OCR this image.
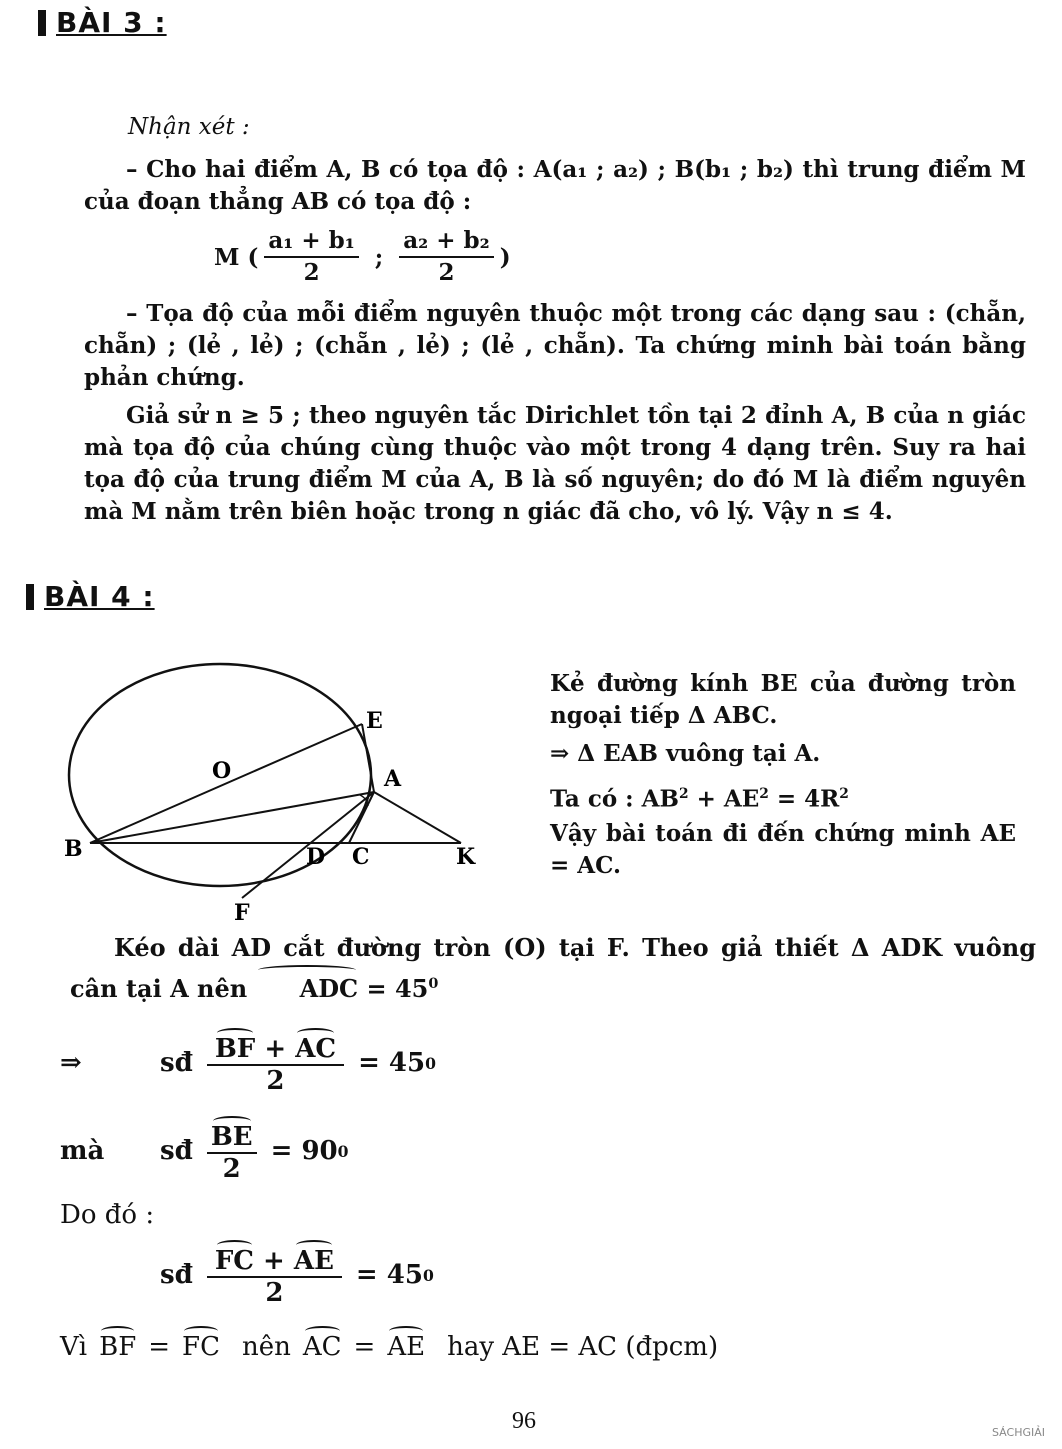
BÀI 3 :
Nhận xét :
– Cho hai điểm A, B có tọa độ : A(a₁ ; a₂) ; B(b₁ ; b₂) thì trung điểm M của đoạn thẳng AB có tọa độ :
M ( $\frac{\text{a₁ + b₁}}{2}$ ; $\frac{\text{a₂ + b₂}}{2}$ )
– Tọa độ của mỗi điểm nguyên thuộc một trong các dạng sau : (chẵn, chẵn) ; (lẻ , lẻ) ; (chẵn , lẻ) ; (lẻ , chẵn). Ta chứng minh bài toán bằng phản chứng.
Giả sử n ≥ 5 ; theo nguyên tắc Dirichlet tồn tại 2 đỉnh A, B của n giác mà tọa độ của chúng cùng thuộc vào một trong 4 dạng trên. Suy ra hai tọa độ của trung điểm M của A, B là số nguyên; do đó M là điểm nguyên mà M nằm trên biên hoặc trong n giác đã cho, vô lý. Vậy n ≤ 4.
BÀI 4 :
O
E
A
B	D C	K
F
Kẻ đường kính BE của đường tròn ngoại tiếp Δ ABC.
⇒ Δ EAB vuông tại A.
Ta có : $AB^2 + AE^2 = 4R^2$
Vậy bài toán đi đến chứng minh AE = AC.
Kéo dài AD cắt đường tròn (O) tại F. Theo giả thiết Δ ADK vuông cân tại A nên ADC = $45^0$
⇒	sđ $\frac{BF + AC}{2} = 45$ 0
mà	sđ $\frac{BE}{2} = 90$ 0
Do đó :
sđ $\frac{FC + AE}{2} = 45$ 0
Vì BF = FC nên AC = AE hay AE = AC (đpcm)
96	SÁCHGIẢI
